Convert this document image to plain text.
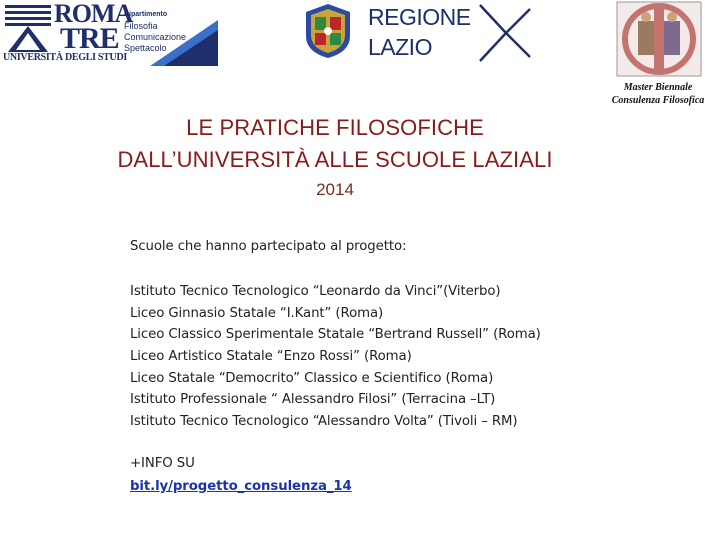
ROMA
TRE
UNIVERSITÀ DEGLI STUDI
Dipartimento
Filosofia
Comunicazione
Spettacolo
REGIONE
LAZIO
Master Biennale
Consulenza Filosofica
LE PRATICHE FILOSOFICHE
DALL’UNIVERSITÀ ALLE SCUOLE LAZIALI
2014
Scuole che hanno partecipato al progetto:
Istituto Tecnico Tecnologico “Leonardo da Vinci”(Viterbo)
Liceo Ginnasio Statale “I.Kant” (Roma)
Liceo Classico Sperimentale Statale “Bertrand Russell” (Roma)
Liceo Artistico Statale “Enzo Rossi” (Roma)
Liceo Statale “Democrito” Classico e Scientifico (Roma)
Istituto Professionale “ Alessandro Filosi” (Terracina –LT)
Istituto Tecnico Tecnologico “Alessandro Volta” (Tivoli – RM)
+INFO SU
bit.ly/progetto_consulenza_14
